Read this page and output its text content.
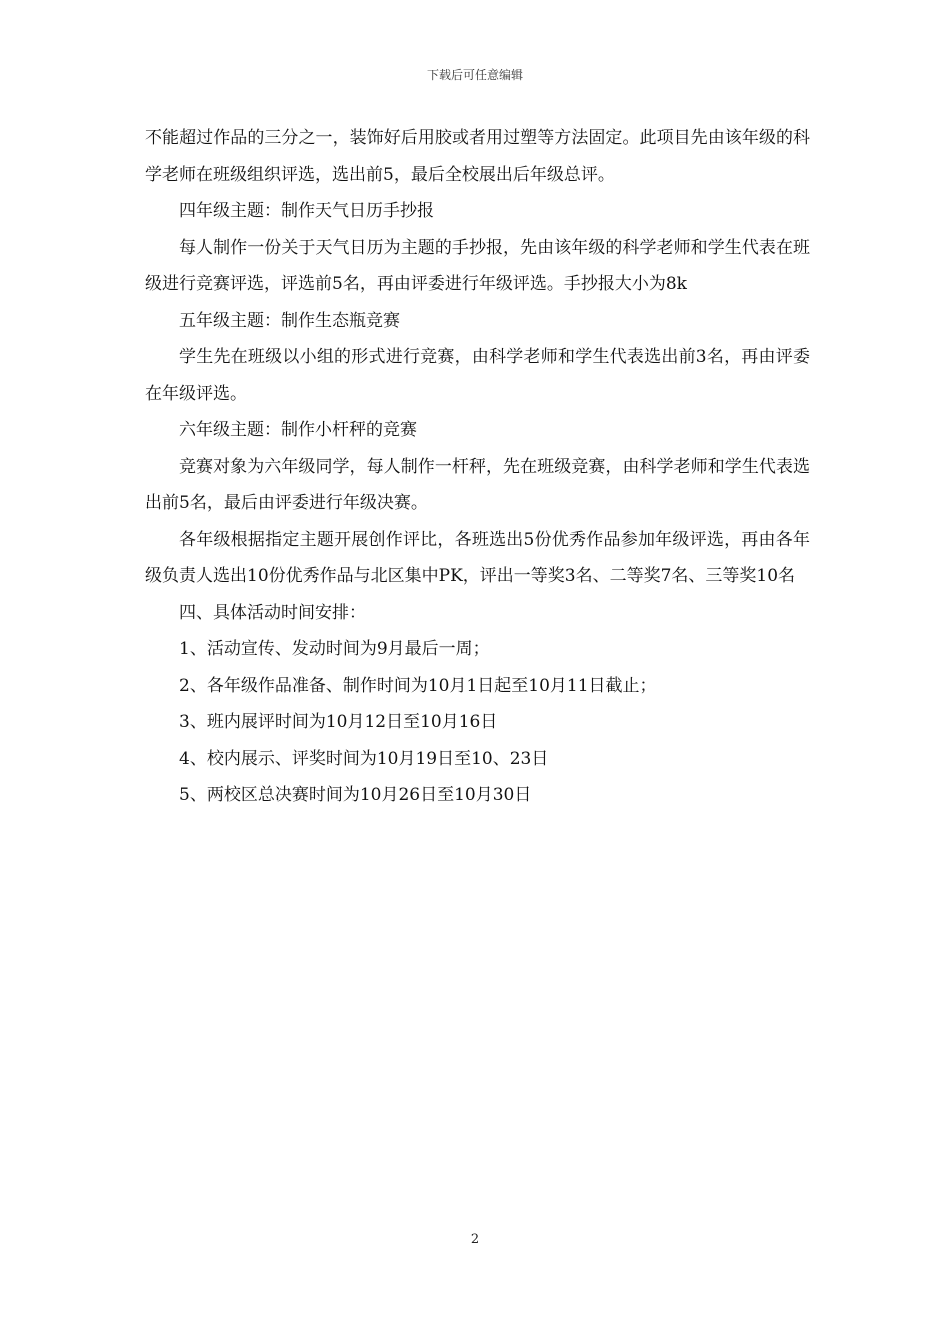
下载后可任意编辑

不能超过作品的三分之一，装饰好后用胶或者用过塑等方法固定。此项目先由该年级的科学老师在班级组织评选，选出前5，最后全校展出后年级总评。

四年级主题：制作天气日历手抄报

每人制作一份关于天气日历为主题的手抄报，先由该年级的科学老师和学生代表在班级进行竞赛评选，评选前5名，再由评委进行年级评选。手抄报大小为8k

五年级主题：制作生态瓶竞赛

学生先在班级以小组的形式进行竞赛，由科学老师和学生代表选出前3名，再由评委在年级评选。

六年级主题：制作小杆秤的竞赛

竞赛对象为六年级同学，每人制作一杆秤，先在班级竞赛，由科学老师和学生代表选出前5名，最后由评委进行年级决赛。

各年级根据指定主题开展创作评比，各班选出5份优秀作品参加年级评选，再由各年级负责人选出10份优秀作品与北区集中PK，评出一等奖3名、二等奖7名、三等奖10名

四、具体活动时间安排：

1、活动宣传、发动时间为9月最后一周；

2、各年级作品准备、制作时间为10月1日起至10月11日截止；

3、班内展评时间为10月12日至10月16日

4、校内展示、评奖时间为10月19日至10、23日

5、两校区总决赛时间为10月26日至10月30日

2
